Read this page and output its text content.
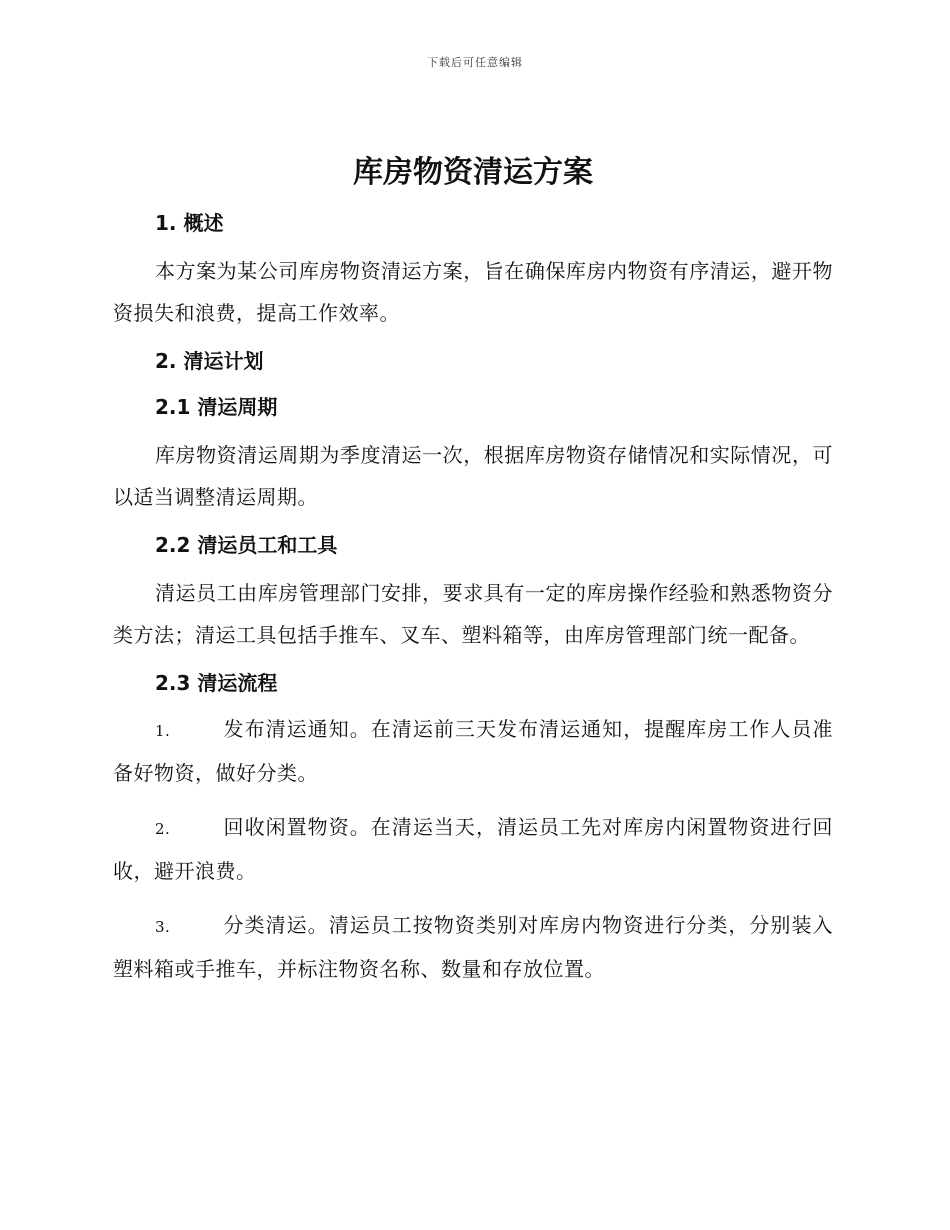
下载后可任意编辑
库房物资清运方案
1. 概述

本方案为某公司库房物资清运方案，旨在确保库房内物资有序清运，避开物资损失和浪费，提高工作效率。

2. 清运计划
2.1 清运周期

库房物资清运周期为季度清运一次，根据库房物资存储情况和实际情况，可以适当调整清运周期。

2.2 清运员工和工具

清运员工由库房管理部门安排，要求具有一定的库房操作经验和熟悉物资分类方法；清运工具包括手推车、叉车、塑料箱等，由库房管理部门统一配备。

2.3 清运流程

1.	发布清运通知。在清运前三天发布清运通知，提醒库房工作人员准备好物资，做好分类。

2.	回收闲置物资。在清运当天，清运员工先对库房内闲置物资进行回收，避开浪费。

3.	分类清运。清运员工按物资类别对库房内物资进行分类，分别装入塑料箱或手推车，并标注物资名称、数量和存放位置。
